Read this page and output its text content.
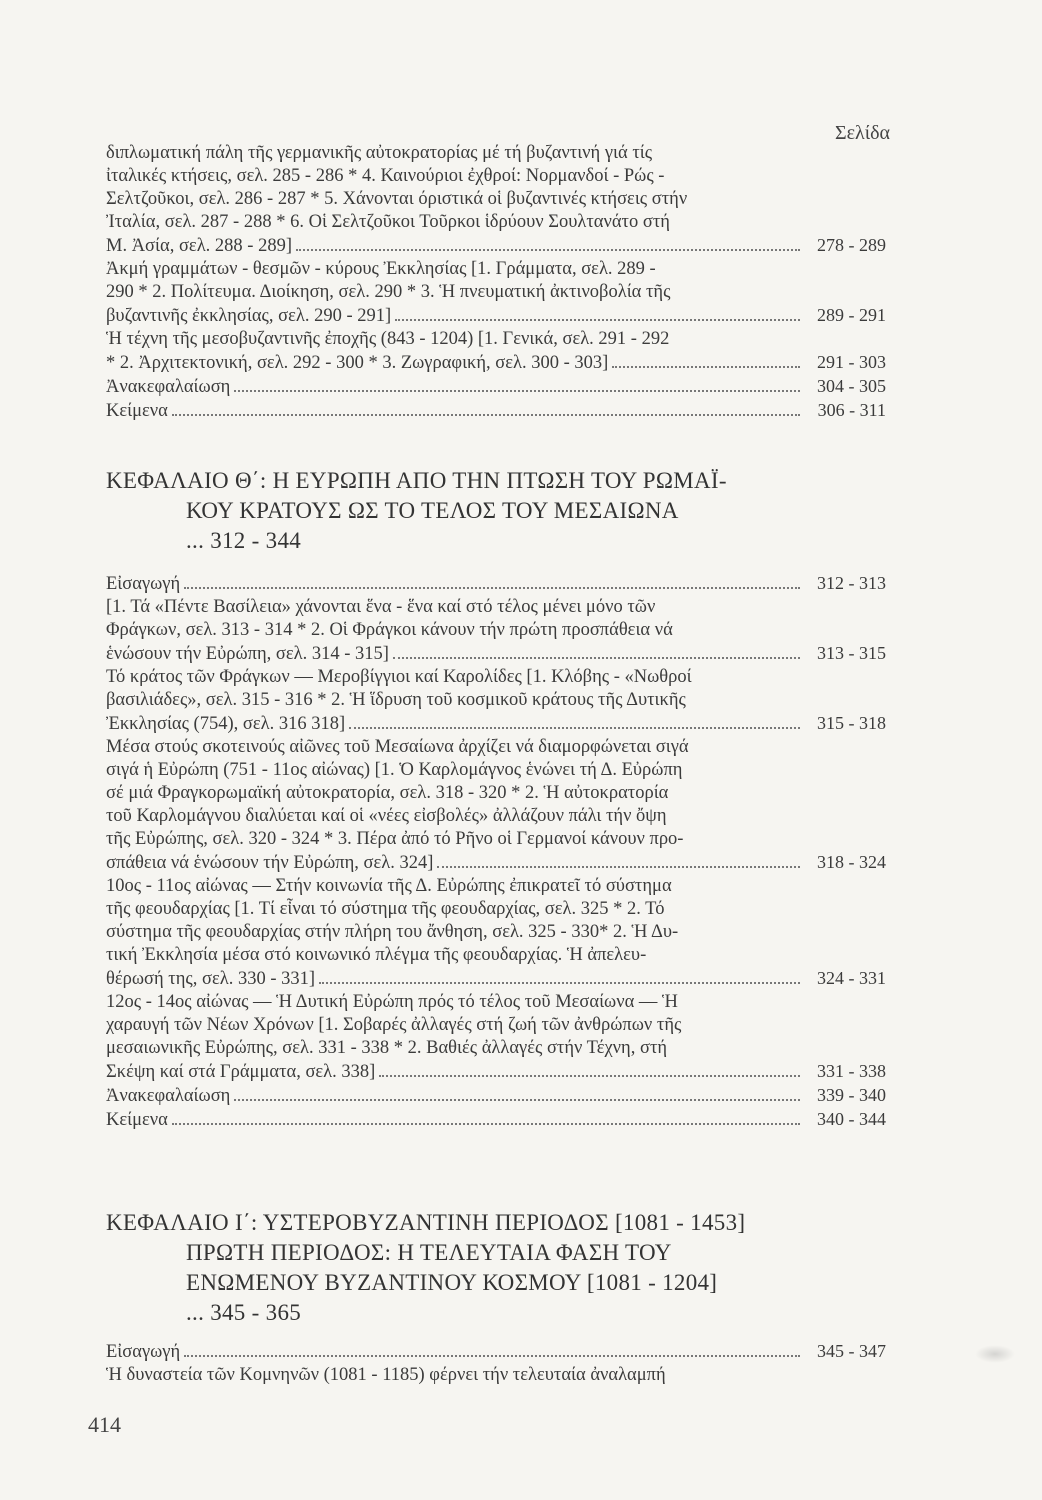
Σελίδα

διπλωματική πάλη τῆς γερμανικῆς αὐτοκρατορίας μέ τή βυζαντινή γιά τίς
ἰταλικές κτήσεις, σελ. 285 - 286 * 4. Καινούριοι ἐχθροί: Νορμανδοί - Ρώς -
Σελτζοῦκοι, σελ. 286 - 287 * 5. Χάνονται όριστικά οἱ βυζαντινές κτήσεις στήν
Ἰταλία, σελ. 287 - 288 * 6. Οἱ Σελτζοῦκοι Τοῦρκοι ἱδρύουν Σουλτανάτο στή

Μ. Ἀσία, σελ. 288 - 289]	278 - 289

Ἀκμή γραμμάτων - θεσμῶν - κύρους Ἐκκλησίας [1. Γράμματα, σελ. 289 -
290 * 2. Πολίτευμα. Διοίκηση, σελ. 290 * 3. Ἡ πνευματική ἀκτινοβολία τῆς

βυζαντινῆς ἐκκλησίας, σελ. 290 - 291]	289 - 291

Ἡ τέχνη τῆς μεσοβυζαντινῆς ἐποχῆς (843 - 1204) [1. Γενικά, σελ. 291 - 292

* 2. Ἀρχιτεκτονική, σελ. 292 - 300 * 3. Ζωγραφική, σελ. 300 - 303]	291 - 303
Ἀνακεφαλαίωση	304 - 305
Κείμενα	306 - 311
ΚΕΦΑΛΑΙΟ Θ΄: Η ΕΥΡΩΠΗ ΑΠΟ ΤΗΝ ΠΤΩΣΗ ΤΟΥ ΡΩΜΑΪ-
ΚΟΥ ΚΡΑΤΟΥΣ ΩΣ ΤΟ ΤΕΛΟΣ ΤΟΥ ΜΕΣΑΙΩΝΑ
... 312 - 344
Εἰσαγωγή	312 - 313

[1. Τά «Πέντε Βασίλεια» χάνονται ἕνα - ἕνα καί στό τέλος μένει μόνο τῶν
Φράγκων, σελ. 313 - 314 * 2. Οἱ Φράγκοι κάνουν τήν πρώτη προσπάθεια νά

ἑνώσουν τήν Εὐρώπη, σελ. 314 - 315]	313 - 315

Τό κράτος τῶν Φράγκων — Μεροβίγγιοι καί Καρολίδες [1. Κλόβης - «Νωθροί
βασιλιάδες», σελ. 315 - 316 * 2. Ἡ ἵδρυση τοῦ κοσμικοῦ κράτους τῆς Δυτικῆς

Ἐκκλησίας (754), σελ. 316 318]	315 - 318

Μέσα στούς σκοτεινούς αἰῶνες τοῦ Μεσαίωνα ἀρχίζει νά διαμορφώνεται σιγά
σιγά ἡ Εὐρώπη (751 - 11ος αἰώνας) [1. Ὁ Καρλομάγνος ἑνώνει τή Δ. Εὐρώπη
σέ μιά Φραγκορωμαϊκή αὐτοκρατορία, σελ. 318 - 320 * 2. Ἡ αὐτοκρατορία
τοῦ Καρλομάγνου διαλύεται καί οἱ «νέες εἰσβολές» ἀλλάζουν πάλι τήν ὄψη
τῆς Εὐρώπης, σελ. 320 - 324 * 3. Πέρα ἀπό τό Ρῆνο οἱ Γερμανοί κάνουν προ-

σπάθεια νά ἑνώσουν τήν Εὐρώπη, σελ. 324]	318 - 324

10ος - 11ος αἰώνας — Στήν κοινωνία τῆς Δ. Εὐρώπης ἐπικρατεῖ τό σύστημα
τῆς φεουδαρχίας [1. Τί εἶναι τό σύστημα τῆς φεουδαρχίας, σελ. 325 * 2. Τό
σύστημα τῆς φεουδαρχίας στήν πλήρη του ἄνθηση, σελ. 325 - 330* 2. Ἡ Δυ-
τική Ἐκκλησία μέσα στό κοινωνικό πλέγμα τῆς φεουδαρχίας. Ἡ ἀπελευ-

θέρωσή της, σελ. 330 - 331]	324 - 331

12ος - 14ος αἰώνας — Ἡ Δυτική Εὐρώπη πρός τό τέλος τοῦ Μεσαίωνα — Ἡ
χαραυγή τῶν Νέων Χρόνων [1. Σοβαρές ἀλλαγές στή ζωή τῶν ἀνθρώπων τῆς
μεσαιωνικῆς Εὐρώπης, σελ. 331 - 338 * 2. Βαθιές ἀλλαγές στήν Τέχνη, στή

Σκέψη καί στά Γράμματα, σελ. 338]	331 - 338
Ἀνακεφαλαίωση	339 - 340
Κείμενα	340 - 344
ΚΕΦΑΛΑΙΟ Ι΄: ΥΣΤΕΡΟΒΥΖΑΝΤΙΝΗ ΠΕΡΙΟΔΟΣ [1081 - 1453]
ΠΡΩΤΗ ΠΕΡΙΟΔΟΣ: Η ΤΕΛΕΥΤΑΙΑ ΦΑΣΗ ΤΟΥ
ΕΝΩΜΕΝΟΥ ΒΥΖΑΝΤΙΝΟΥ ΚΟΣΜΟΥ [1081 - 1204]
... 345 - 365
Εἰσαγωγή	345 - 347

Ἡ δυναστεία τῶν Κομνηνῶν (1081 - 1185) φέρνει τήν τελευταία ἀναλαμπή

414
